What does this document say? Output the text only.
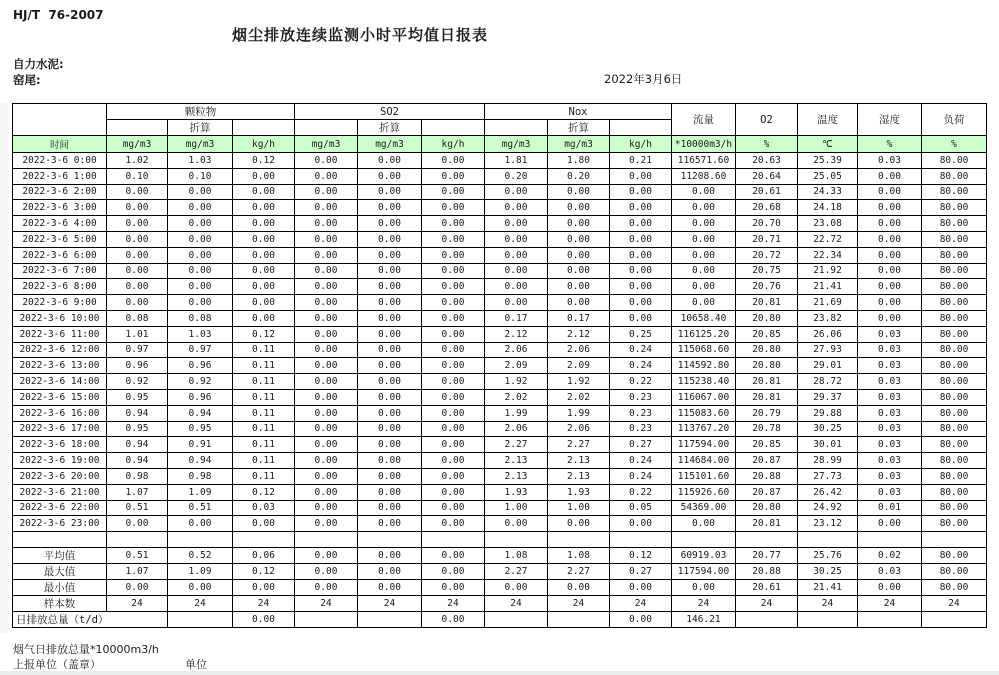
HJ/T  76-2007
烟尘排放连续监测小时平均值日报表
自力水泥:
窑尾:	2022年3月6日
	颗粒物			SO2			Nox			流量	O2	温度	湿度	负荷
		折算			折算			折算						
时间	mg/m3	mg/m3	kg/h	mg/m3	mg/m3	kg/h	mg/m3	mg/m3	kg/h	*10000m3/h	%	℃	%	%
2022-3-6 0:00	1.02	1.03	0.12	0.00	0.00	0.00	1.81	1.80	0.21	116571.60	20.63	25.39	0.03	80.00
2022-3-6 1:00	0.10	0.10	0.00	0.00	0.00	0.00	0.20	0.20	0.00	11208.60	20.64	25.05	0.00	80.00
2022-3-6 2:00	0.00	0.00	0.00	0.00	0.00	0.00	0.00	0.00	0.00	0.00	20.61	24.33	0.00	80.00
2022-3-6 3:00	0.00	0.00	0.00	0.00	0.00	0.00	0.00	0.00	0.00	0.00	20.68	24.18	0.00	80.00
2022-3-6 4:00	0.00	0.00	0.00	0.00	0.00	0.00	0.00	0.00	0.00	0.00	20.70	23.08	0.00	80.00
2022-3-6 5:00	0.00	0.00	0.00	0.00	0.00	0.00	0.00	0.00	0.00	0.00	20.71	22.72	0.00	80.00
2022-3-6 6:00	0.00	0.00	0.00	0.00	0.00	0.00	0.00	0.00	0.00	0.00	20.72	22.34	0.00	80.00
2022-3-6 7:00	0.00	0.00	0.00	0.00	0.00	0.00	0.00	0.00	0.00	0.00	20.75	21.92	0.00	80.00
2022-3-6 8:00	0.00	0.00	0.00	0.00	0.00	0.00	0.00	0.00	0.00	0.00	20.76	21.41	0.00	80.00
2022-3-6 9:00	0.00	0.00	0.00	0.00	0.00	0.00	0.00	0.00	0.00	0.00	20.81	21.69	0.00	80.00
2022-3-6 10:00	0.08	0.08	0.00	0.00	0.00	0.00	0.17	0.17	0.00	10658.40	20.80	23.82	0.00	80.00
2022-3-6 11:00	1.01	1.03	0.12	0.00	0.00	0.00	2.12	2.12	0.25	116125.20	20.85	26.06	0.03	80.00
2022-3-6 12:00	0.97	0.97	0.11	0.00	0.00	0.00	2.06	2.06	0.24	115068.60	20.80	27.93	0.03	80.00
2022-3-6 13:00	0.96	0.96	0.11	0.00	0.00	0.00	2.09	2.09	0.24	114592.80	20.80	29.01	0.03	80.00
2022-3-6 14:00	0.92	0.92	0.11	0.00	0.00	0.00	1.92	1.92	0.22	115238.40	20.81	28.72	0.03	80.00
2022-3-6 15:00	0.95	0.96	0.11	0.00	0.00	0.00	2.02	2.02	0.23	116067.00	20.81	29.37	0.03	80.00
2022-3-6 16:00	0.94	0.94	0.11	0.00	0.00	0.00	1.99	1.99	0.23	115083.60	20.79	29.88	0.03	80.00
2022-3-6 17:00	0.95	0.95	0.11	0.00	0.00	0.00	2.06	2.06	0.23	113767.20	20.78	30.25	0.03	80.00
2022-3-6 18:00	0.94	0.91	0.11	0.00	0.00	0.00	2.27	2.27	0.27	117594.00	20.85	30.01	0.03	80.00
2022-3-6 19:00	0.94	0.94	0.11	0.00	0.00	0.00	2.13	2.13	0.24	114684.00	20.87	28.99	0.03	80.00
2022-3-6 20:00	0.98	0.98	0.11	0.00	0.00	0.00	2.13	2.13	0.24	115101.60	20.88	27.73	0.03	80.00
2022-3-6 21:00	1.07	1.09	0.12	0.00	0.00	0.00	1.93	1.93	0.22	115926.60	20.87	26.42	0.03	80.00
2022-3-6 22:00	0.51	0.51	0.03	0.00	0.00	0.00	1.00	1.00	0.05	54369.00	20.80	24.92	0.01	80.00
2022-3-6 23:00	0.00	0.00	0.00	0.00	0.00	0.00	0.00	0.00	0.00	0.00	20.81	23.12	0.00	80.00

平均值	0.51	0.52	0.06	0.00	0.00	0.00	1.08	1.08	0.12	60919.03	20.77	25.76	0.02	80.00
最大值	1.07	1.09	0.12	0.00	0.00	0.00	2.27	2.27	0.27	117594.00	20.88	30.25	0.03	80.00
最小值	0.00	0.00	0.00	0.00	0.00	0.00	0.00	0.00	0.00	0.00	20.61	21.41	0.00	80.00
样本数	24	24	24	24	24	24	24	24	24	24	24	24	24	24
日排放总量（t/d）			0.00			0.00			0.00	146.21				
烟气日排放总量*10000m3/h
上报单位（盖章）	单位
